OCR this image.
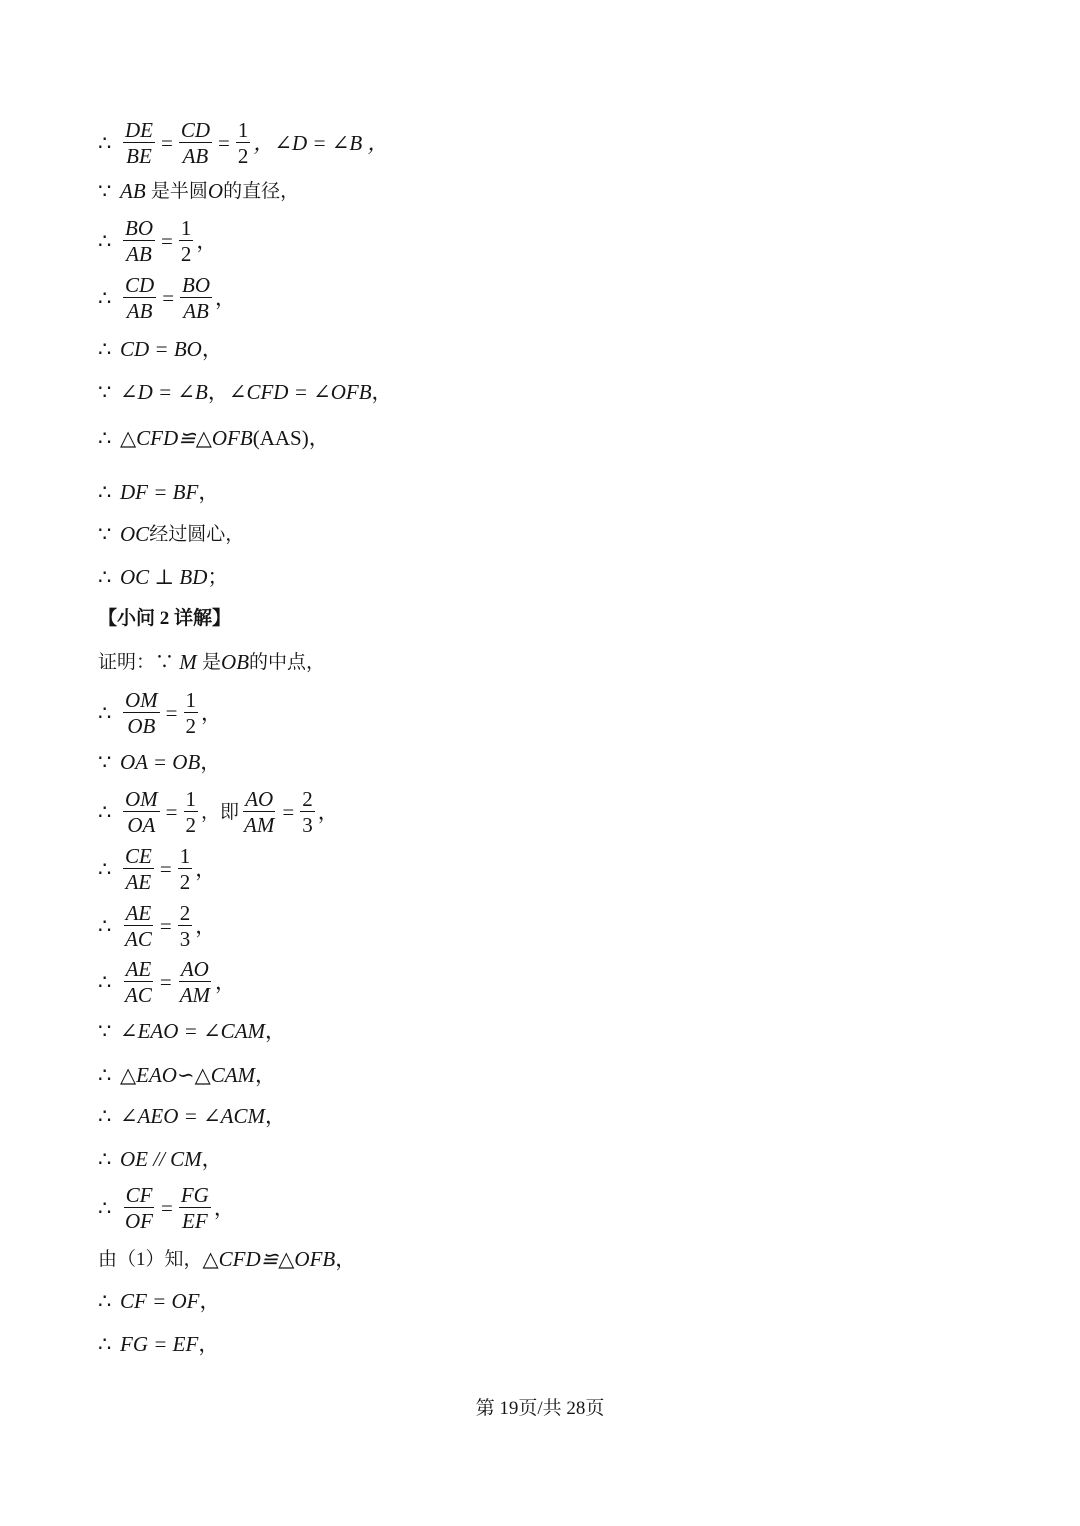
∴ $\frac{DE}{BE} = \frac{CD}{AB} = \frac{1}{2}$ ，∠D = ∠B ，
∵ AB
是半圆 O 的直径，
∴ $\frac{BO}{AB} = \frac{1}{2}$ ，
∴ $\frac{CD}{AB} = \frac{BO}{AB}$ ，
∴ CD = BO ，
∵ ∠D = ∠B ， ∠CFD = ∠OFB ，
∴ △CFD≌△OFB (AAS) ，
∴ DF = BF ，
∵ OC 经过圆心，
∴ OC ⊥ BD ；
【小问 2 详解】
证明：∵
M
是 OB 的中点，
∴ $\frac{OM}{OB} = \frac{1}{2}$ ，
∵ OA = OB ，
∴ $\frac{OM}{OA} = \frac{1}{2}$ ，即 $\frac{AO}{AM} = \frac{2}{3}$ ，
∴ $\frac{CE}{AE} = \frac{1}{2}$ ，
∴ $\frac{AE}{AC} = \frac{2}{3}$ ，
∴ $\frac{AE}{AC} = \frac{AO}{AM}$ ，
∵ ∠EAO = ∠CAM ，
∴ △EAO∽△CAM ，
∴ ∠AEO = ∠ACM ，
∴ OE // CM ，
∴ $\frac{CF}{OF} = \frac{FG}{EF}$ ，
由（1）知， △CFD≌△OFB ，
∴ CF = OF ，
∴ FG = EF ，
第 19页/共 28页
